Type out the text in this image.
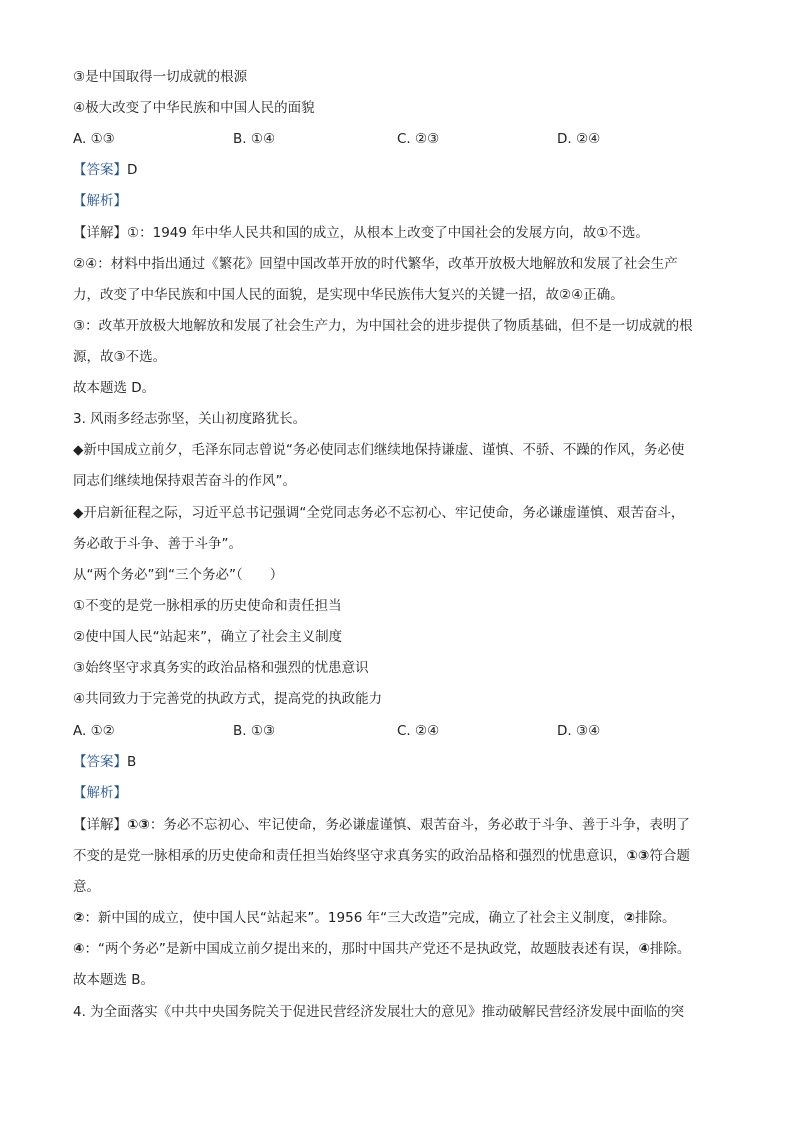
③是中国取得一切成就的根源
④极大改变了中华民族和中国人民的面貌
A. ①③	B. ①④	C. ②③	D. ②④
【答案】D
【解析】
【详解】①：1949 年中华人民共和国的成立，从根本上改变了中国社会的发展方向，故①不选。
②④：材料中指出通过《繁花》回望中国改革开放的时代繁华，改革开放极大地解放和发展了社会生产
力，改变了中华民族和中国人民的面貌，是实现中华民族伟大复兴的关键一招，故②④正确。
③：改革开放极大地解放和发展了社会生产力，为中国社会的进步提供了物质基础，但不是一切成就的根
源，故③不选。
故本题选 D。
3. 风雨多经志弥坚，关山初度路犹长。
◆新中国成立前夕，毛泽东同志曾说“务必使同志们继续地保持谦虚、谨慎、不骄、不躁的作风，务必使
同志们继续地保持艰苦奋斗的作风”。
◆开启新征程之际，习近平总书记强调“全党同志务必不忘初心、牢记使命，务必谦虚谨慎、艰苦奋斗，
务必敢于斗争、善于斗争”。
从“两个务必”到“三个务必”（　　）
①不变的是党一脉相承的历史使命和责任担当
②使中国人民“站起来”，确立了社会主义制度
③始终坚守求真务实的政治品格和强烈的忧患意识
④共同致力于完善党的执政方式，提高党的执政能力
A. ①②	B. ①③	C. ②④	D. ③④
【答案】B
【解析】
【详解】①③：务必不忘初心、牢记使命，务必谦虚谨慎、艰苦奋斗，务必敢于斗争、善于斗争，表明了
不变的是党一脉相承的历史使命和责任担当始终坚守求真务实的政治品格和强烈的忧患意识，①③符合题
意。
②：新中国的成立，使中国人民“站起来”。1956 年“三大改造”完成，确立了社会主义制度，②排除。
④：“两个务必”是新中国成立前夕提出来的，那时中国共产党还不是执政党，故题肢表述有误，④排除。
故本题选 B。
4. 为全面落实《中共中央国务院关于促进民营经济发展壮大的意见》推动破解民营经济发展中面临的突
